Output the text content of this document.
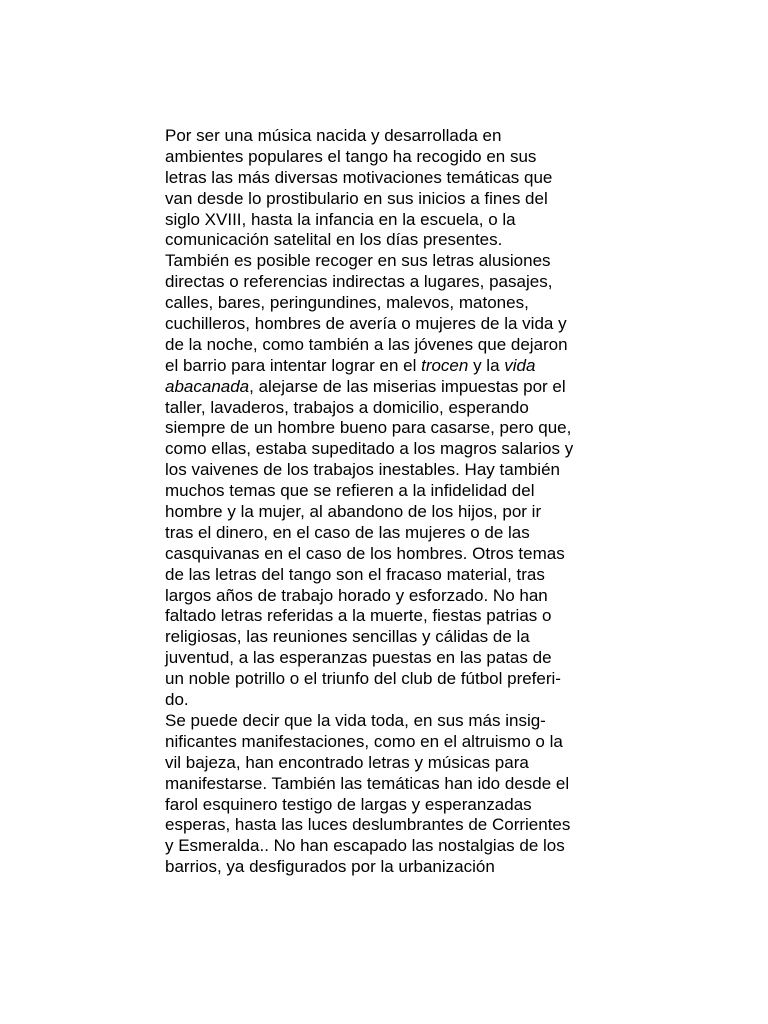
Por ser una música nacida y desarrollada en
ambientes populares el tango ha recogido en sus
letras las más diversas motivaciones temáticas que
van desde lo prostibulario en sus inicios a fines del
siglo XVIII, hasta la infancia en la escuela, o la
comunicación satelital en los días presentes.
También es posible recoger en sus letras alusiones
directas o referencias indirectas a lugares, pasajes,
calles, bares, peringundines, malevos, matones,
cuchilleros, hombres de avería o mujeres de la vida y
de la noche, como también a las jóvenes que dejaron
el barrio para intentar lograr en el trocen y la vida
abacanada, alejarse de las miserias impuestas por el
taller, lavaderos, trabajos a domicilio, esperando
siempre de un hombre bueno para casarse, pero que,
como ellas, estaba supeditado a los magros salarios y
los vaivenes de los trabajos inestables. Hay también
muchos temas que se refieren a la infidelidad del
hombre y la mujer, al abandono de los hijos, por ir
tras el dinero, en el caso de las mujeres o de las
casquivanas en el caso de los hombres. Otros temas
de las letras del tango son el fracaso material, tras
largos años de trabajo horado y esforzado. No han
faltado letras referidas a la muerte, fiestas patrias o
religiosas, las reuniones sencillas y cálidas de la
juventud, a las esperanzas puestas en las patas de
un noble potrillo o el triunfo del club de fútbol preferi-
do.
Se puede decir que la vida toda, en sus más insig-
nificantes manifestaciones, como en el altruismo o la
vil bajeza, han encontrado letras y músicas para
manifestarse. También las temáticas han ido desde el
farol esquinero testigo de largas y esperanzadas
esperas, hasta las luces deslumbrantes de Corrientes
y Esmeralda.. No han escapado las nostalgias de los
barrios, ya desfigurados por la urbanización
